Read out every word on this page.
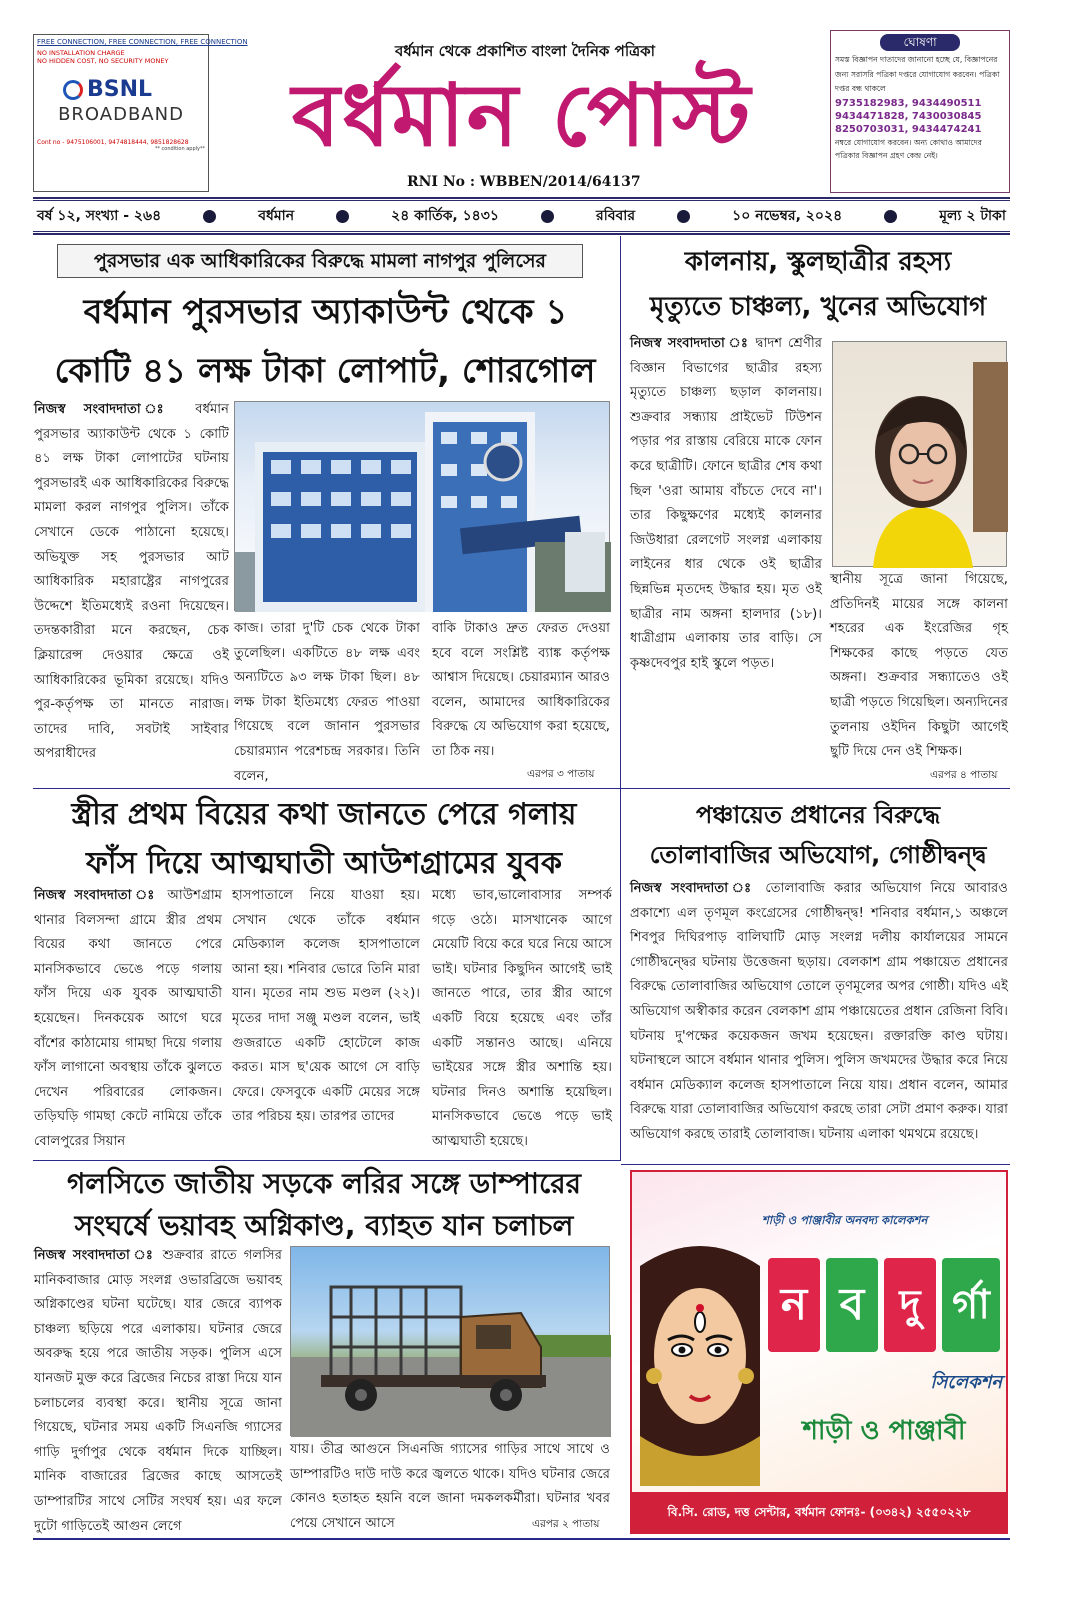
FREE CONNECTION, FREE CONNECTION, FREE CONNECTION
NO INSTALLATION CHARGE
NO HIDDEN COST, NO SECURITY MONEY
BSNL
BROADBAND
Cont no - 9475106001, 9474818444, 9851828628
** condition apply**
বর্ধমান থেকে প্রকাশিত বাংলা দৈনিক পত্রিকা
বর্ধমান পোস্ট
RNI No : WBBEN/2014/64137
ঘোষণা
সমস্ত বিজ্ঞাপন দাতাদের জানানো হচ্ছে যে, বিজ্ঞাপনের জন্য সরাসরি পত্রিকা দপ্তরে যোগাযোগ করবেন। পত্রিকা দপ্তর বন্ধ থাকলে
9735182983, 9434490511
9434471828, 7430030845
8250703031, 9434474241
নম্বরে যোগাযোগ করবেন। অন্য কোথাও আমাদের পত্রিকার বিজ্ঞাপন গ্রহণ কেন্দ্র নেই।
বর্ষ ১২, সংখ্যা - ২৬৪	বর্ধমান	২৪ কার্তিক, ১৪৩১	রবিবার	১০ নভেম্বর, ২০২৪	মূল্য ২ টাকা
পুরসভার এক আধিকারিকের বিরুদ্ধে মামলা নাগপুর পুলিসের
বর্ধমান পুরসভার অ্যাকাউন্ট থেকে ১
কোটি ৪১ লক্ষ টাকা লোপাট, শোরগোল
নিজস্ব সংবাদদাতা ঃ বর্ধমান পুরসভার অ্যাকাউন্ট থেকে ১ কোটি ৪১ লক্ষ টাকা লোপাটের ঘটনায় পুরসভারই এক আধিকারিকের বিরুদ্ধে মামলা করল নাগপুর পুলিস। তাঁকে সেখানে ডেকে পাঠানো হয়েছে। অভিযুক্ত সহ পুরসভার আট আধিকারিক মহারাষ্ট্রের নাগপুরের উদ্দেশে ইতিমধ্যেই রওনা দিয়েছেন। তদন্তকারীরা মনে করছেন, চেক ক্লিয়ারেন্স দেওয়ার ক্ষেত্রে ওই আধিকারিকের ভূমিকা রয়েছে। যদিও পুর-কর্তৃপক্ষ তা মানতে নারাজ। তাদের দাবি, সবটাই সাইবার অপরাধীদের
কাজ। তারা দু'টি চেক থেকে টাকা তুলেছিল। একটিতে ৪৮ লক্ষ এবং অন্যটিতে ৯৩ লক্ষ টাকা ছিল। ৪৮ লক্ষ টাকা ইতিমধ্যে ফেরত পাওয়া গিয়েছে বলে জানান পুরসভার চেয়ারম্যান পরেশচন্দ্র সরকার। তিনি বলেন,
বাকি টাকাও দ্রুত ফেরত দেওয়া হবে বলে সংশ্লিষ্ট ব্যাঙ্ক কর্তৃপক্ষ আশ্বাস দিয়েছে। চেয়ারম্যান আরও বলেন, আমাদের আধিকারিকের বিরুদ্ধে যে অভিযোগ করা হয়েছে, তা ঠিক নয়।
এরপর ৩ পাতায়
কালনায়, স্কুলছাত্রীর রহস্য
মৃত্যুতে চাঞ্চল্য, খুনের অভিযোগ
নিজস্ব সংবাদদাতা ঃ দ্বাদশ শ্রেণীর বিজ্ঞান বিভাগের ছাত্রীর রহস্য মৃত্যুতে চাঞ্চল্য ছড়াল কালনায়। শুক্রবার সন্ধ্যায় প্রাইভেট টিউশন পড়ার পর রাস্তায় বেরিয়ে মাকে ফোন করে ছাত্রীটি। ফোনে ছাত্রীর শেষ কথা ছিল 'ওরা আমায় বাঁচতে দেবে না'। তার কিছুক্ষণের মধ্যেই কালনার জিউধারা রেলগেট সংলগ্ন এলাকায় লাইনের ধার থেকে ওই ছাত্রীর ছিন্নভিন্ন মৃতদেহ উদ্ধার হয়। মৃত ওই ছাত্রীর নাম অঙ্গনা হালদার (১৮)। ধাত্রীগ্রাম এলাকায় তার বাড়ি। সে কৃষ্ণদেবপুর হাই স্কুলে পড়ত।
স্থানীয় সূত্রে জানা গিয়েছে, প্রতিদিনই মায়ের সঙ্গে কালনা শহরের এক ইংরেজির গৃহ শিক্ষকের কাছে পড়তে যেত অঙ্গনা। শুক্রবার সন্ধ্যাতেও ওই ছাত্রী পড়তে গিয়েছিল। অন্যদিনের তুলনায় ওইদিন কিছুটা আগেই ছুটি দিয়ে দেন ওই শিক্ষক।
এরপর ৪ পাতায়
স্ত্রীর প্রথম বিয়ের কথা জানতে পেরে গলায়
ফাঁস দিয়ে আত্মঘাতী আউশগ্রামের যুবক
নিজস্ব সংবাদদাতা ঃ আউশগ্রাম থানার বিলসন্দা গ্রামে স্ত্রীর প্রথম বিয়ের কথা জানতে পেরে মানসিকভাবে ভেঙে পড়ে গলায় ফাঁস দিয়ে এক যুবক আত্মঘাতী হয়েছেন। দিনকয়েক আগে ঘরে বাঁশের কাঠামোয় গামছা দিয়ে গলায় ফাঁস লাগানো অবস্থায় তাঁকে ঝুলতে দেখেন পরিবারের লোকজন। তড়িঘড়ি গামছা কেটে নামিয়ে তাঁকে বোলপুরের সিয়ান
হাসপাতালে নিয়ে যাওয়া হয়। সেখান থেকে তাঁকে বর্ধমান মেডিক্যাল কলেজ হাসপাতালে আনা হয়। শনিবার ভোরে তিনি মারা যান। মৃতের নাম শুভ মণ্ডল (২২)। মৃতের দাদা সঞ্জু মণ্ডল বলেন, ভাই গুজরাতে একটি হোটেলে কাজ করত। মাস ছ'য়েক আগে সে বাড়ি ফেরে। ফেসবুকে একটি মেয়ের সঙ্গে তার পরিচয় হয়। তারপর তাদের
মধ্যে ভাব,ভালোবাসার সম্পর্ক গড়ে ওঠে। মাসখানেক আগে মেয়েটি বিয়ে করে ঘরে নিয়ে আসে ভাই। ঘটনার কিছুদিন আগেই ভাই জানতে পারে, তার স্ত্রীর আগে একটি বিয়ে হয়েছে এবং তাঁর একটি সন্তানও আছে। এনিয়ে ভাইয়ের সঙ্গে স্ত্রীর অশান্তি হয়। ঘটনার দিনও অশান্তি হয়েছিল। মানসিকভাবে ভেঙে পড়ে ভাই আত্মঘাতী হয়েছে।
পঞ্চায়েত প্রধানের বিরুদ্ধে
তোলাবাজির অভিযোগ, গোষ্ঠীদ্বন্দ্ব
নিজস্ব সংবাদদাতা ঃ তোলাবাজি করার অভিযোগ নিয়ে আবারও প্রকাশ্যে এল তৃণমূল কংগ্রেসের গোষ্ঠীদ্বন্দ্ব! শনিবার বর্ধমান,১ অঞ্চলে শিবপুর দিঘিরপাড় বালিঘাটি মোড় সংলগ্ন দলীয় কার্যালয়ের সামনে গোষ্ঠীদ্বন্দ্বের ঘটনায় উত্তেজনা ছড়ায়। বেলকাশ গ্রাম পঞ্চায়েত প্রধানের বিরুদ্ধে তোলাবাজির অভিযোগ তোলে তৃণমূলের অপর গোষ্ঠী। যদিও এই অভিযোগ অস্বীকার করেন বেলকাশ গ্রাম পঞ্চায়েতের প্রধান রেজিনা বিবি। ঘটনায় দু'পক্ষের কয়েকজন জখম হয়েছেন। রক্তারক্তি কাণ্ড ঘটায়। ঘটনাস্থলে আসে বর্ধমান থানার পুলিস। পুলিস জখমদের উদ্ধার করে নিয়ে বর্ধমান মেডিক্যাল কলেজ হাসপাতালে নিয়ে যায়। প্রধান বলেন, আমার বিরুদ্ধে যারা তোলাবাজির অভিযোগ করছে তারা সেটা প্রমাণ করুক। যারা অভিযোগ করছে তারাই তোলাবাজ। ঘটনায় এলাকা থমথমে রয়েছে।
গলসিতে জাতীয় সড়কে লরির সঙ্গে ডাম্পারের
সংঘর্ষে ভয়াবহ অগ্নিকাণ্ড, ব্যাহত যান চলাচল
নিজস্ব সংবাদদাতা ঃ শুক্রবার রাতে গলসির মানিকবাজার মোড় সংলগ্ন ওভারব্রিজে ভয়াবহ অগ্নিকাণ্ডের ঘটনা ঘটেছে। যার জেরে ব্যাপক চাঞ্চল্য ছড়িয়ে পরে এলাকায়। ঘটনার জেরে অবরুদ্ধ হয়ে পরে জাতীয় সড়ক। পুলিস এসে যানজট মুক্ত করে ব্রিজের নিচের রাস্তা দিয়ে যান চলাচলের ব্যবস্থা করে। স্থানীয় সূত্রে জানা গিয়েছে, ঘটনার সময় একটি সিএনজি গ্যাসের গাড়ি দুর্গাপুর থেকে বর্ধমান দিকে যাচ্ছিল। মানিক বাজারের ব্রিজের কাছে আসতেই ডাম্পারটির সাথে সেটির সংঘর্ষ হয়। এর ফলে দুটো গাড়িতেই আগুন লেগে
যায়। তীব্র আগুনে সিএনজি গ্যাসের গাড়ির সাথে সাথে ও ডাম্পারটিও দাউ দাউ করে জ্বলতে থাকে। যদিও ঘটনার জেরে কোনও হতাহত হয়নি বলে জানা দমকলকর্মীরা। ঘটনার খবর পেয়ে সেখানে আসে	এরপর ২ পাতায়
শাড়ী ও পাঞ্জাবীর অনবদ্য কালেকশন
ন ব দু র্গা
সিলেকশন
শাড়ী ও পাঞ্জাবী
বি.সি. রোড, দত্ত সেন্টার, বর্ধমান ফোনঃ- (০৩৪২) ২৫৫০২২৮
